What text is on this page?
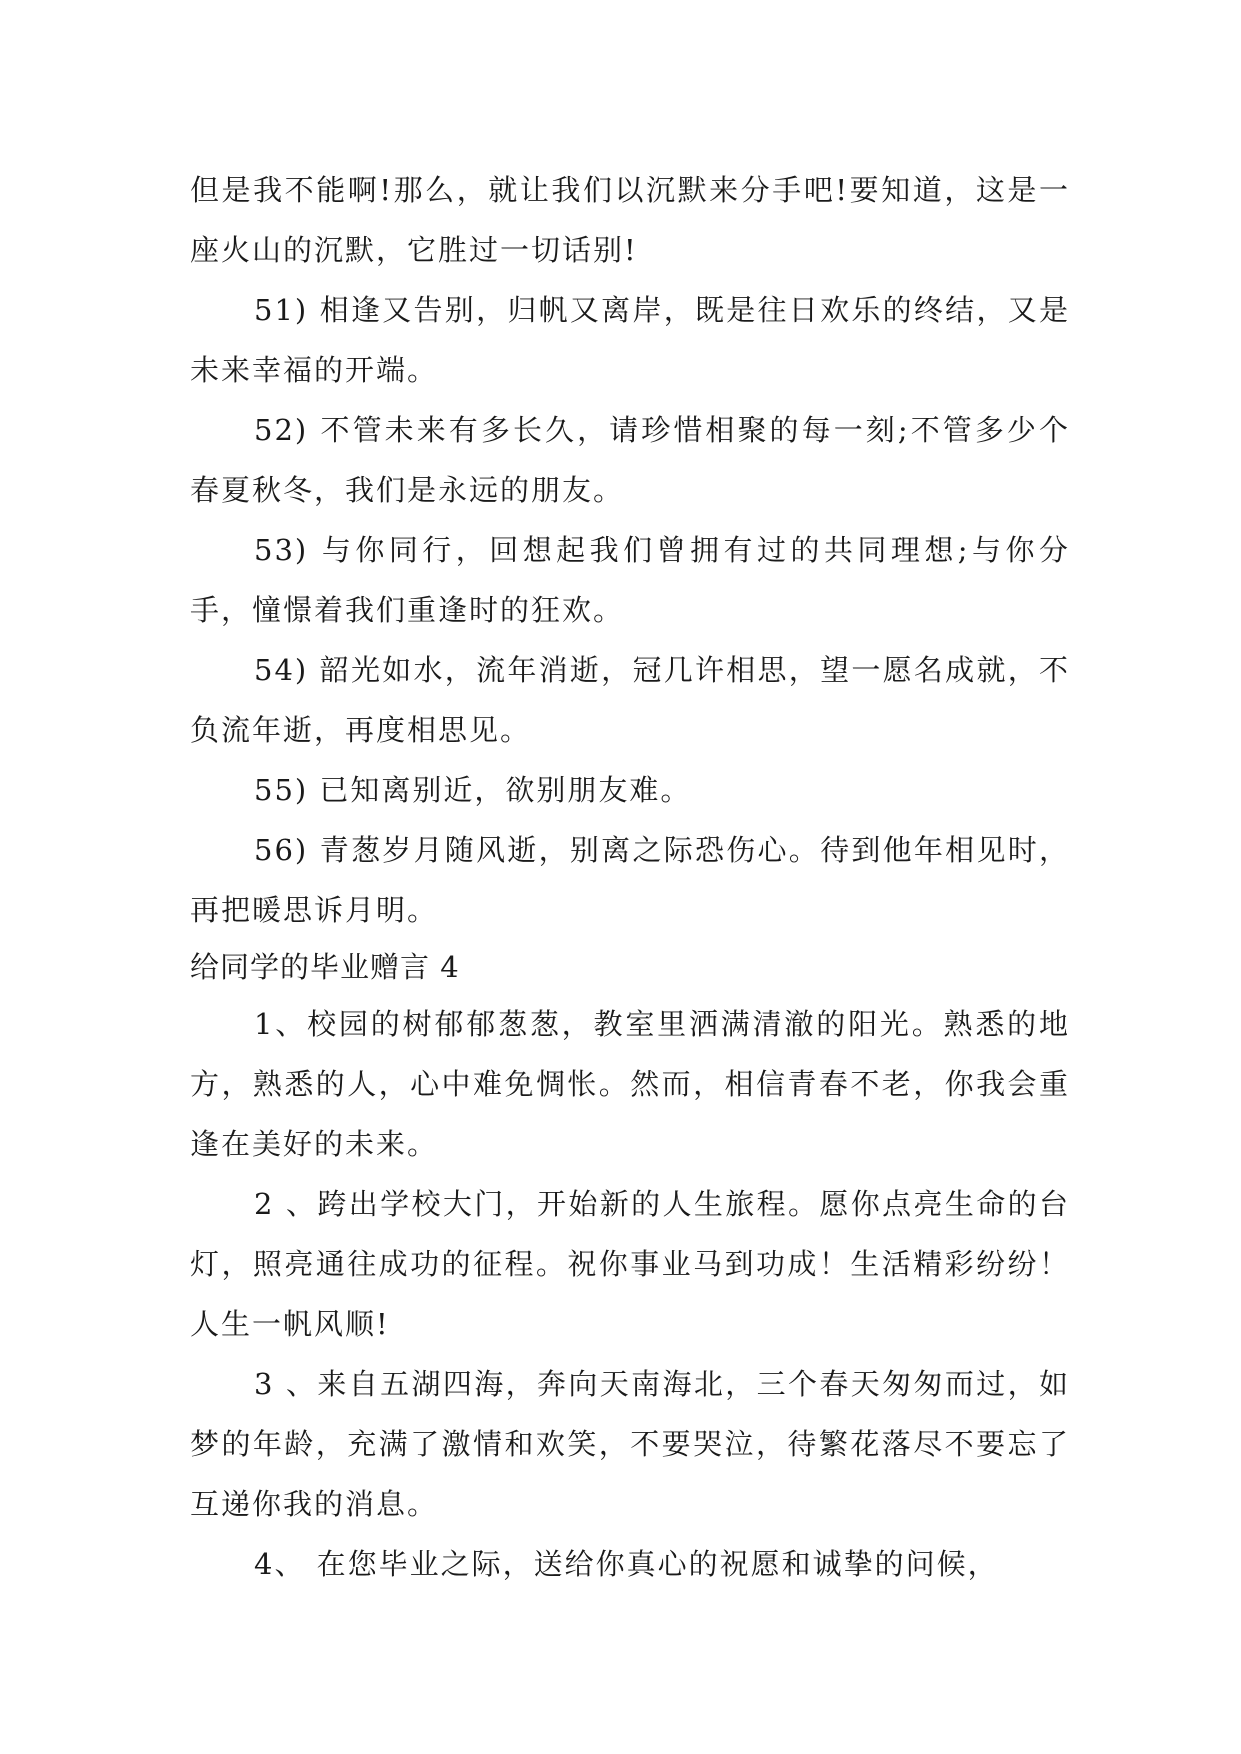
但是我不能啊!那么，就让我们以沉默来分手吧!要知道，这是一座火山的沉默，它胜过一切话别!

51) 相逢又告别，归帆又离岸，既是往日欢乐的终结，又是未来幸福的开端。

52) 不管未来有多长久，请珍惜相聚的每一刻;不管多少个春夏秋冬，我们是永远的朋友。

53) 与你同行，回想起我们曾拥有过的共同理想;与你分手，憧憬着我们重逢时的狂欢。

54) 韶光如水，流年消逝，冠几许相思，望一愿名成就，不负流年逝，再度相思见。

55) 已知离别近，欲别朋友难。

56) 青葱岁月随风逝，别离之际恐伤心。待到他年相见时，再把暖思诉月明。

给同学的毕业赠言 4

1、校园的树郁郁葱葱，教室里洒满清澈的阳光。熟悉的地方，熟悉的人，心中难免惆怅。然而，相信青春不老，你我会重逢在美好的未来。

2 、跨出学校大门，开始新的人生旅程。愿你点亮生命的台灯，照亮通往成功的征程。祝你事业马到功成！生活精彩纷纷！人生一帆风顺!

3 、来自五湖四海，奔向天南海北，三个春天匆匆而过，如梦的年龄，充满了激情和欢笑，不要哭泣，待繁花落尽不要忘了互递你我的消息。

4、 在您毕业之际，送给你真心的祝愿和诚挚的问候，
